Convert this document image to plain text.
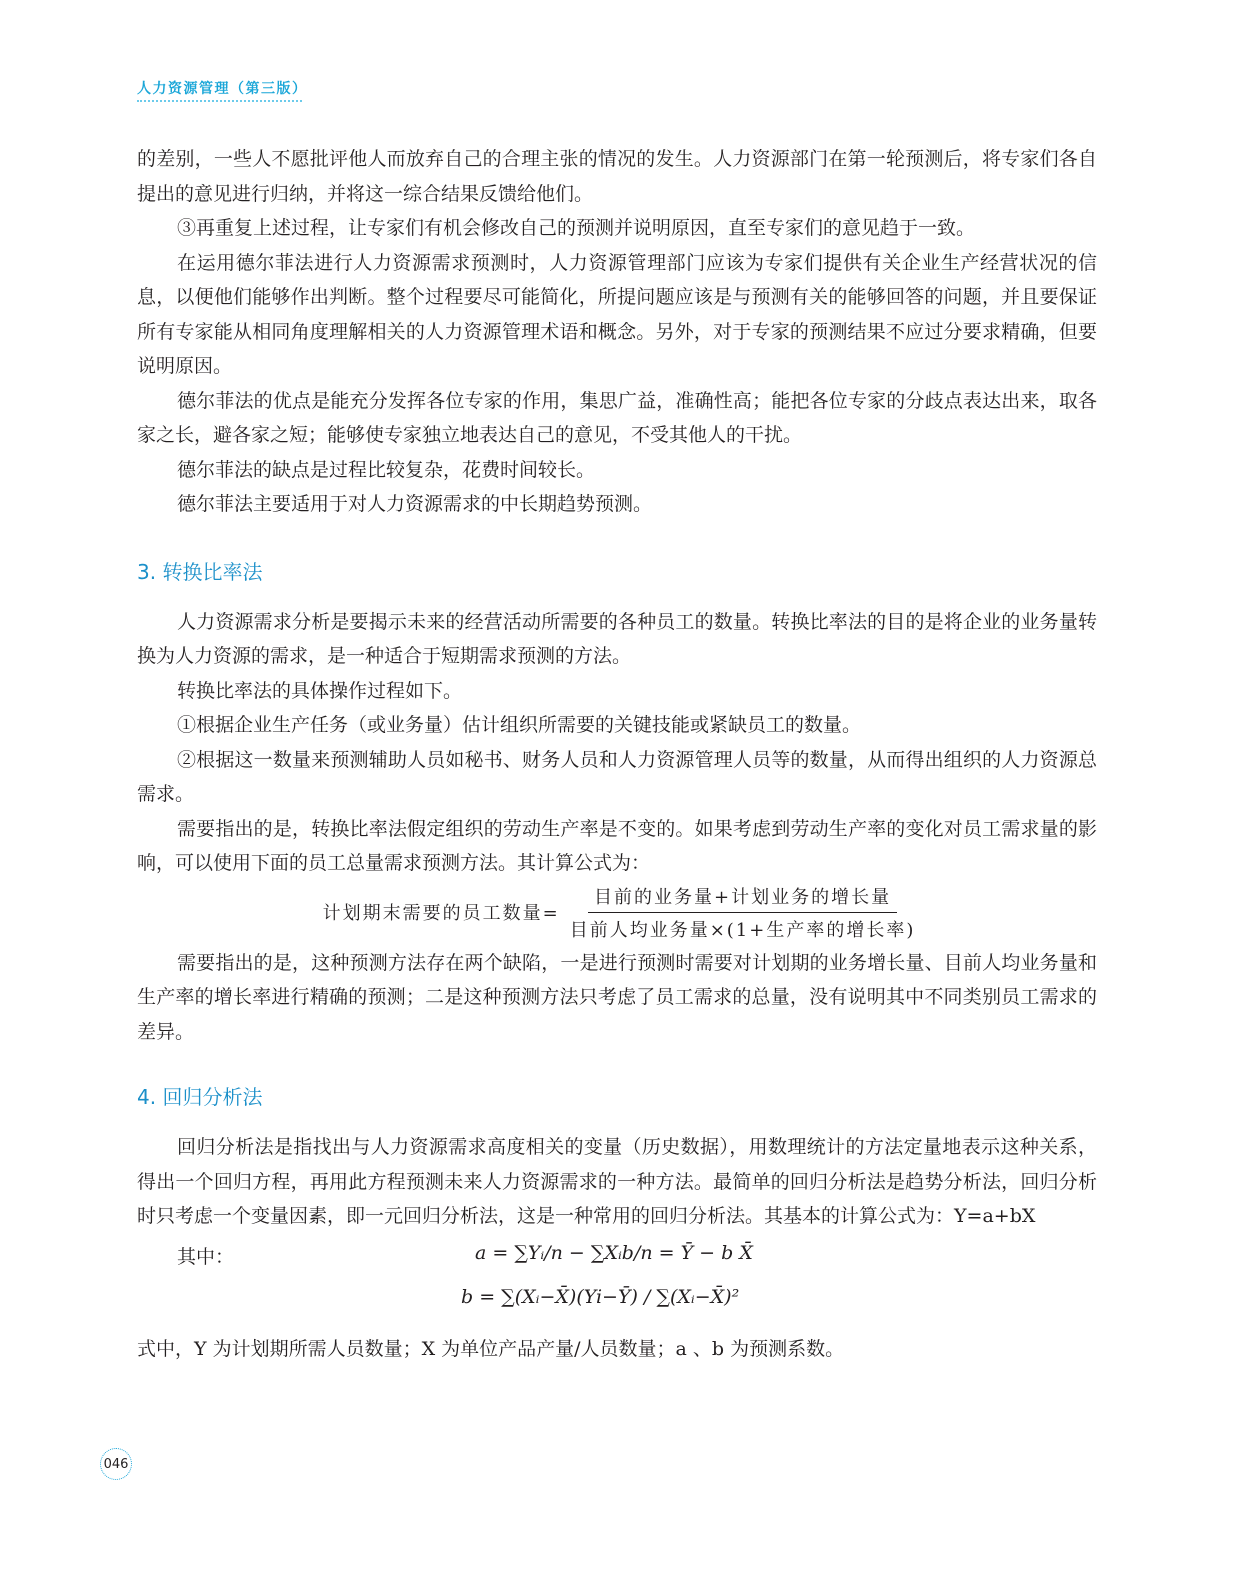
人力资源管理（第三版）

的差别，一些人不愿批评他人而放弃自己的合理主张的情况的发生。人力资源部门在第一轮预测后，将专家们各自提出的意见进行归纳，并将这一综合结果反馈给他们。

③再重复上述过程，让专家们有机会修改自己的预测并说明原因，直至专家们的意见趋于一致。

在运用德尔菲法进行人力资源需求预测时，人力资源管理部门应该为专家们提供有关企业生产经营状况的信息，以便他们能够作出判断。整个过程要尽可能简化，所提问题应该是与预测有关的能够回答的问题，并且要保证所有专家能从相同角度理解相关的人力资源管理术语和概念。另外，对于专家的预测结果不应过分要求精确，但要说明原因。

德尔菲法的优点是能充分发挥各位专家的作用，集思广益，准确性高；能把各位专家的分歧点表达出来，取各家之长，避各家之短；能够使专家独立地表达自己的意见，不受其他人的干扰。

德尔菲法的缺点是过程比较复杂，花费时间较长。

德尔菲法主要适用于对人力资源需求的中长期趋势预测。

3. 转换比率法

人力资源需求分析是要揭示未来的经营活动所需要的各种员工的数量。转换比率法的目的是将企业的业务量转换为人力资源的需求，是一种适合于短期需求预测的方法。

转换比率法的具体操作过程如下。

①根据企业生产任务（或业务量）估计组织所需要的关键技能或紧缺员工的数量。

②根据这一数量来预测辅助人员如秘书、财务人员和人力资源管理人员等的数量，从而得出组织的人力资源总需求。

需要指出的是，转换比率法假定组织的劳动生产率是不变的。如果考虑到劳动生产率的变化对员工需求量的影响，可以使用下面的员工总量需求预测方法。其计算公式为：

计划期末需要的员工数量= $\frac{\text{目前的业务量+计划业务的增长量}}{\text{目前人均业务量×(1+生产率的增长率)}}$

需要指出的是，这种预测方法存在两个缺陷，一是进行预测时需要对计划期的业务增长量、目前人均业务量和生产率的增长率进行精确的预测；二是这种预测方法只考虑了员工需求的总量，没有说明其中不同类别员工需求的差异。

4. 回归分析法

回归分析法是指找出与人力资源需求高度相关的变量（历史数据），用数理统计的方法定量地表示这种关系，得出一个回归方程，再用此方程预测未来人力资源需求的一种方法。最简单的回归分析法是趋势分析法，回归分析时只考虑一个变量因素，即一元回归分析法，这是一种常用的回归分析法。其基本的计算公式为：Y=a+bX

其中：	a = ∑Yᵢ/n − ∑Xᵢb/n = Ȳ − b X̄
b = ∑(Xᵢ−X̄)(Yi−Ȳ) / ∑(Xᵢ−X̄)²

式中，Y 为计划期所需人员数量；X 为单位产品产量/人员数量；a 、b 为预测系数。

046
